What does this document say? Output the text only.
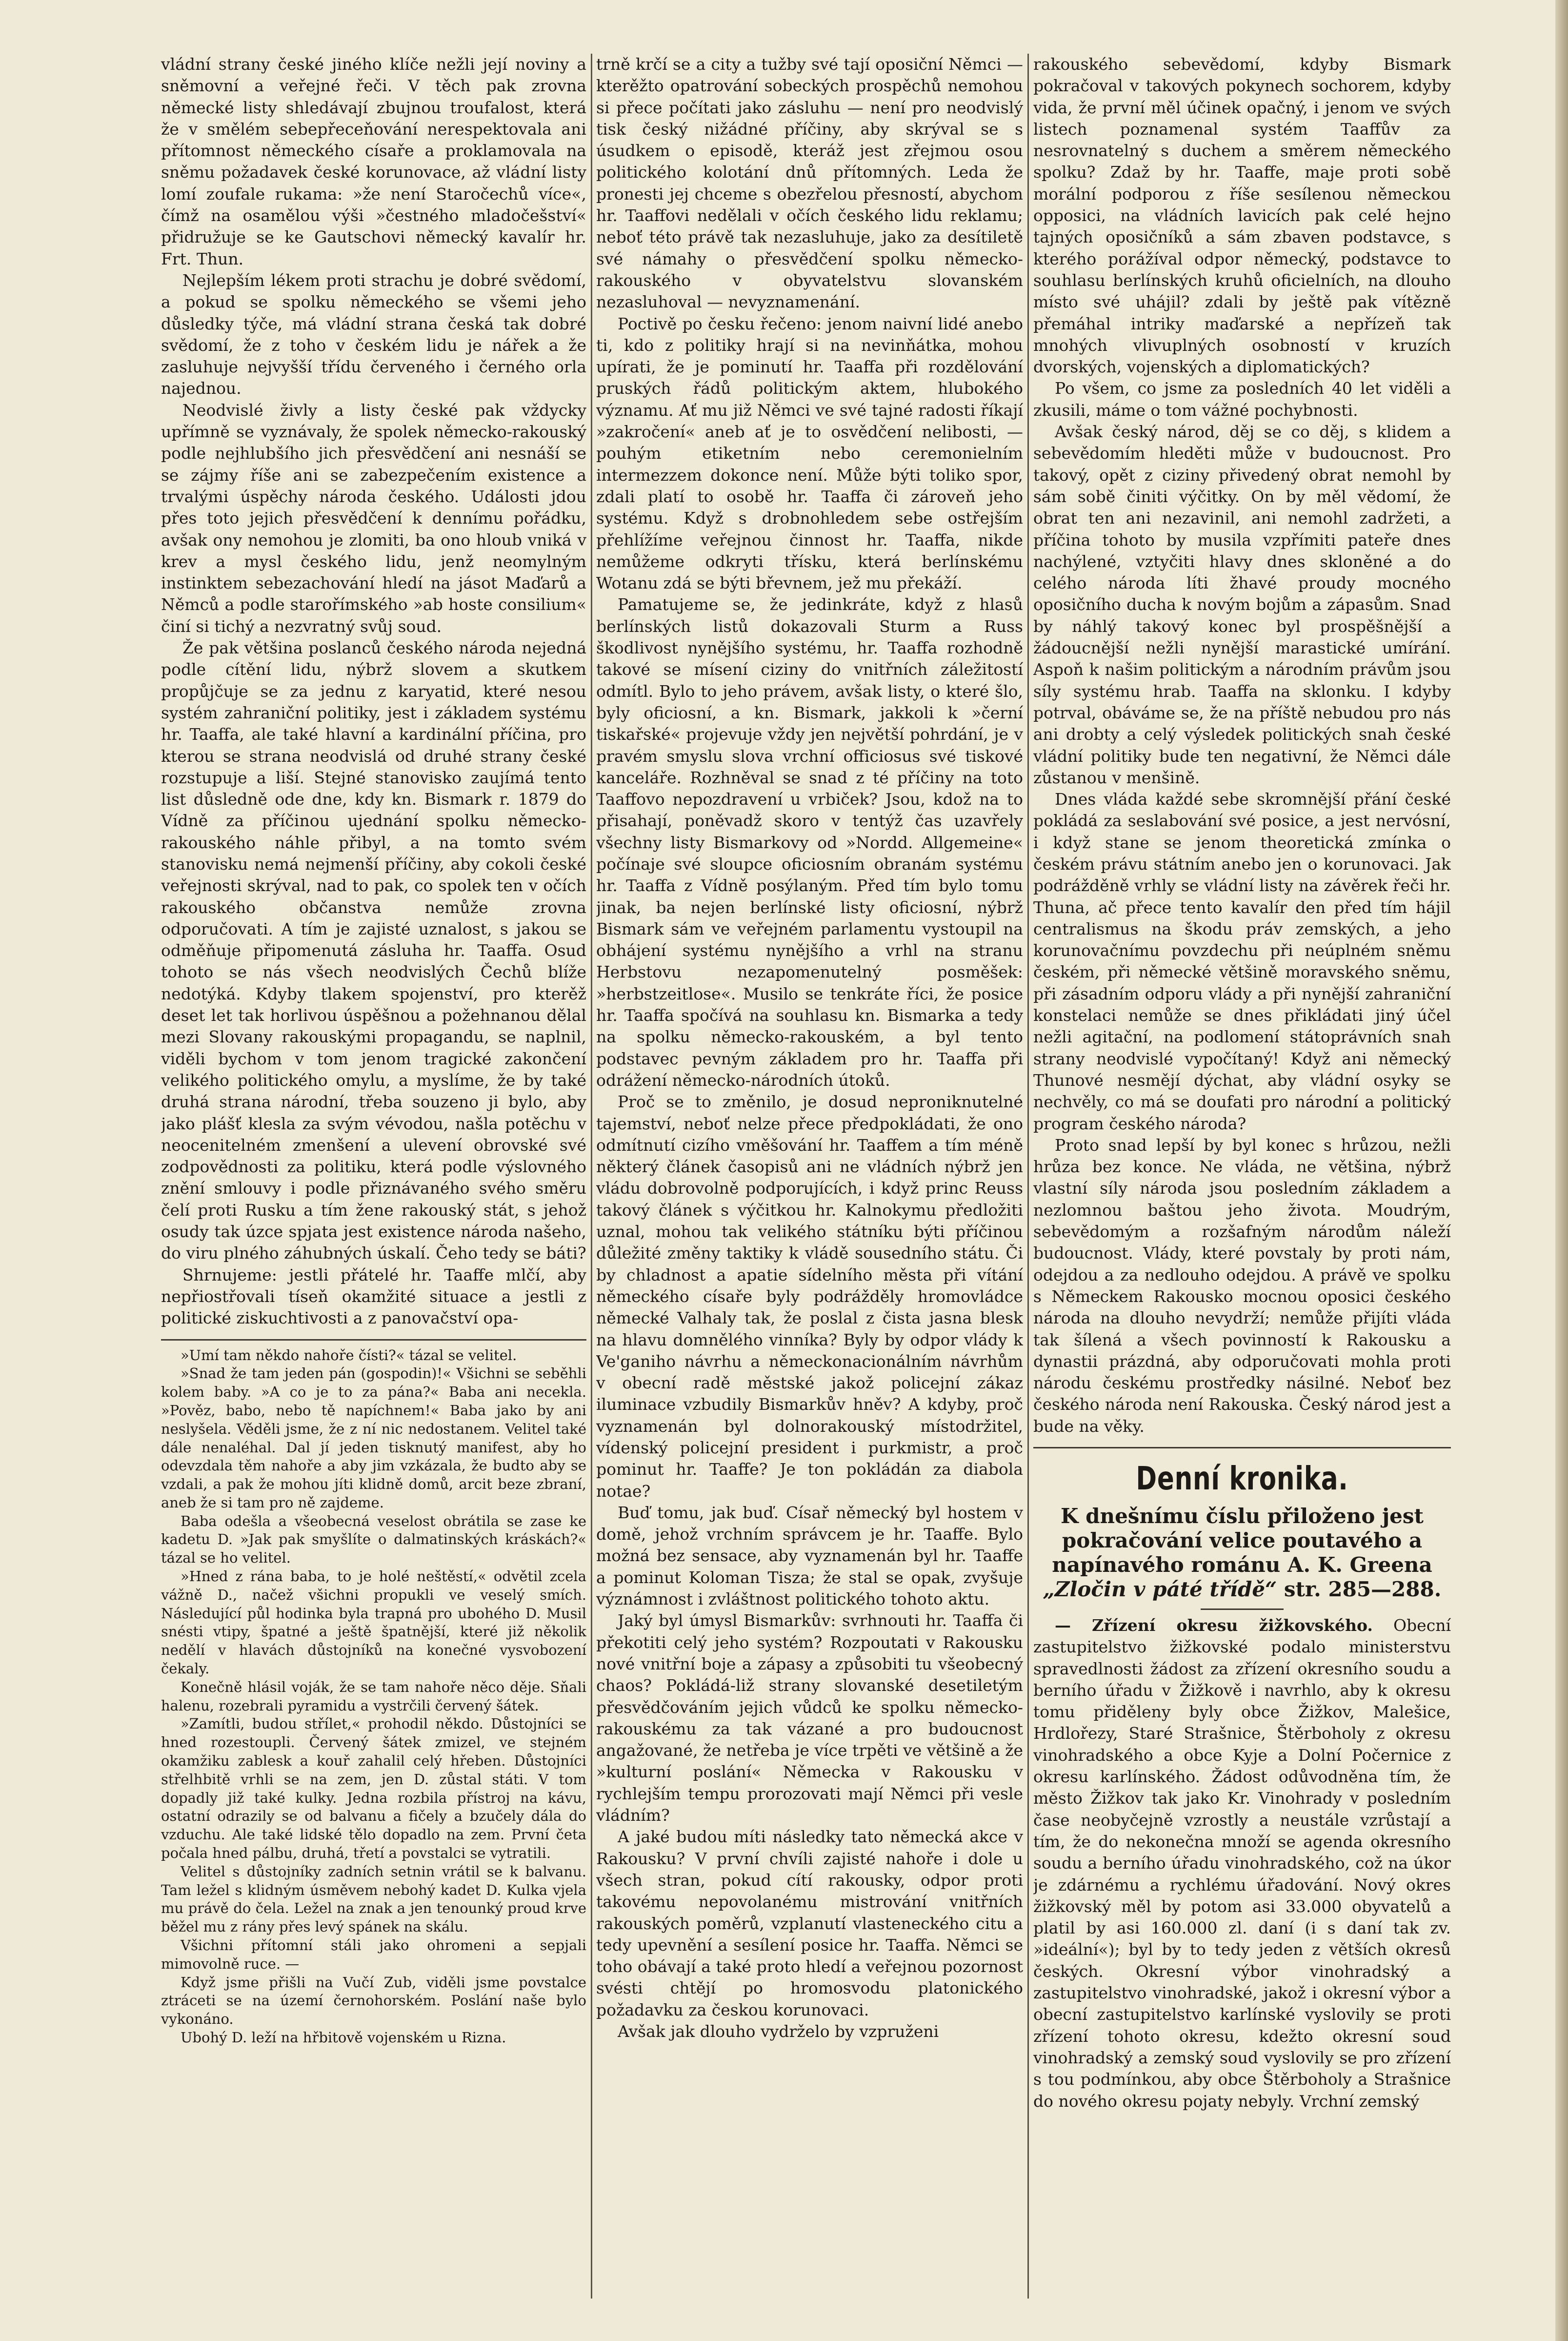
vládní strany české jiného klíče nežli její noviny a sněmovní a veřejné řeči. V těch pak zrovna německé listy shledávají zbujnou troufalost, která že v smělém sebepřeceňování nerespektovala ani přítomnost německého císaře a proklamovala na sněmu požadavek české korunovace, až vládní listy lomí zoufale rukama: »že není Staročechů více«, čímž na osamělou výši »čestného mladočešství« přidružuje se ke Gautschovi německý kavalír hr. Frt. Thun.

Nejlepším lékem proti strachu je dobré svědomí, a pokud se spolku německého se všemi jeho důsledky týče, má vládní strana česká tak dobré svědomí, že z toho v českém lidu je nářek a že zasluhuje nejvyšší třídu červeného i černého orla najednou.

Neodvislé živly a listy české pak vždycky upřímně se vyznávaly, že spolek německo-rakouský podle nejhlubšího jich přesvědčení ani nesnáší se se zájmy říše ani se zabezpečením existence a trvalými úspěchy národa českého. Události jdou přes toto jejich přesvědčení k dennímu pořádku, avšak ony nemohou je zlomiti, ba ono hloub vniká v krev a mysl českého lidu, jenž neomylným instinktem sebezachování hledí na jásot Maďarů a Němců a podle starořímského »ab hoste consilium« činí si tichý a nezvratný svůj soud.

Že pak většina poslanců českého národa nejedná podle cítění lidu, nýbrž slovem a skutkem propůjčuje se za jednu z karyatid, které nesou systém zahraniční politiky, jest i základem systému hr. Taaffa, ale také hlavní a kardinální příčina, pro kterou se strana neodvislá od druhé strany české rozstupuje a liší. Stejné stanovisko zaujímá tento list důsledně ode dne, kdy kn. Bismark r. 1879 do Vídně za příčinou ujednání spolku německo-rakouského náhle přibyl, a na tomto svém stanovisku nemá nejmenší příčiny, aby cokoli české veřejnosti skrýval, nad to pak, co spolek ten v očích rakouského občanstva nemůže zrovna odporučovati. A tím je zajisté uznalost, s jakou se odměňuje připomenutá zásluha hr. Taaffa. Osud tohoto se nás všech neodvislých Čechů blíže nedotýká. Kdyby tlakem spojenství, pro kterěž deset let tak horlivou úspěšnou a požehnanou dělal mezi Slovany rakouskými propagandu, se naplnil, viděli bychom v tom jenom tragické zakončení velikého politického omylu, a myslíme, že by také druhá strana národní, třeba souzeno ji bylo, aby jako plášť klesla za svým vévodou, našla potěchu v neocenitelném zmenšení a ulevení obrovské své zodpovědnosti za politiku, která podle výslovného znění smlouvy i podle přiznávaného svého směru čelí proti Rusku a tím žene rakouský stát, s jehož osudy tak úzce spjata jest existence národa našeho, do viru plného záhubných úskalí. Čeho tedy se báti?

Shrnujeme: jestli přátelé hr. Taaffe mlčí, aby nepřiostřovali tíseň okamžité situace a jestli z politické ziskuchtivosti a z panovačství opa-

»Umí tam někdo nahoře čísti?« tázal se velitel.

»Snad že tam jeden pán (gospodin)!« Všichni se seběhli kolem baby. »A co je to za pána?« Baba ani necekla. »Pověz, babo, nebo tě napíchnem!« Baba jako by ani neslyšela. Věděli jsme, že z ní nic nedostanem. Velitel také dále nenaléhal. Dal jí jeden tisknutý manifest, aby ho odevzdala těm nahoře a aby jim vzkázala, že budto aby se vzdali, a pak že mohou jíti klidně domů, arcit beze zbraní, aneb že si tam pro ně zajdeme.

Baba odešla a všeobecná veselost obrátila se zase ke kadetu D. »Jak pak smyšlíte o dalmatinských kráskách?« tázal se ho velitel.

»Hned z rána baba, to je holé neštěstí,« odvětil zcela vážně D., načež všichni propukli ve veselý smích. Následující půl hodinka byla trapná pro ubohého D. Musil snésti vtipy, špatné a ještě špatnější, které již několik nedělí v hlavách důstojníků na konečné vysvobození čekaly.

Konečně hlásil voják, že se tam nahoře něco děje. Sňali halenu, rozebrali pyramidu a vystrčili červený šátek.

»Zamítli, budou střílet,« prohodil někdo. Důstojníci se hned rozestoupli. Červený šátek zmizel, ve stejném okamžiku zablesk a kouř zahalil celý hřeben. Důstojníci střelhbitě vrhli se na zem, jen D. zůstal státi. V tom dopadly již také kulky. Jedna rozbila přístroj na kávu, ostatní odrazily se od balvanu a fičely a bzučely dála do vzduchu. Ale také lidské tělo dopadlo na zem. První četa počala hned pálbu, druhá, třetí a povstalci se vytratili.

Velitel s důstojníky zadních setnin vrátil se k balvanu. Tam ležel s klidným úsměvem nebohý kadet D. Kulka vjela mu právě do čela. Ležel na znak a jen tenounký proud krve běžel mu z rány přes levý spánek na skálu.

Všichni přítomní stáli jako ohromeni a sepjali mimovolně ruce. —

Když jsme přišli na Vučí Zub, viděli jsme povstalce ztráceti se na území černohorském. Poslání naše bylo vykonáno.

Ubohý D. leží na hřbitově vojenském u Rizna.

trně krčí se a city a tužby své tají oposiční Němci — kterěžto opatrování sobeckých prospěchů nemohou si přece počítati jako zásluhu — není pro neodvislý tisk český nižádné příčiny, aby skrýval se s úsudkem o episodě, kteráž jest zřejmou osou politického kolotání dnů přítomných. Leda že pronesti jej chceme s obezřelou přesností, abychom hr. Taaffovi nedělali v očích českého lidu reklamu; neboť této právě tak nezasluhuje, jako za desítiletě své námahy o přesvědčení spolku německo-rakouského v obyvatelstvu slovanském nezasluhoval — nevyznamenání.

Poctivě po česku řečeno: jenom naivní lidé anebo ti, kdo z politiky hrají si na nevinňátka, mohou upírati, že je pominutí hr. Taaffa při rozdělování pruských řádů politickým aktem, hlubokého významu. Ať mu již Němci ve své tajné radosti říkají »zakročení« aneb ať je to osvědčení nelibosti, — pouhým etiketním nebo ceremonielním intermezzem dokonce není. Může býti toliko spor, zdali platí to osobě hr. Taaffa či zároveň jeho systému. Když s drobnohledem sebe ostřejším přehlížíme veřejnou činnost hr. Taaffa, nikde nemůžeme odkryti třísku, která berlínskému Wotanu zdá se býti břevnem, jež mu překáží.

Pamatujeme se, že jedinkráte, když z hlasů berlínských listů dokazovali Sturm a Russ škodlivost nynějšího systému, hr. Taaffa rozhodně takové se mísení ciziny do vnitřních záležitostí odmítl. Bylo to jeho právem, avšak listy, o které šlo, byly oficiosní, a kn. Bismark, jakkoli k »černí tiskařské« projevuje vždy jen největší pohrdání, je v pravém smyslu slova vrchní officiosus své tiskové kanceláře. Rozhněval se snad z té příčiny na toto Taaffovo nepozdravení u vrbiček? Jsou, kdož na to přisahají, poněvadž skoro v tentýž čas uzavřely všechny listy Bismarkovy od »Nordd. Allgemeine« počínaje své sloupce oficiosním obranám systému hr. Taaffa z Vídně posýlaným. Před tím bylo tomu jinak, ba nejen berlínské listy oficiosní, nýbrž Bismark sám ve veřejném parlamentu vystoupil na obhájení systému nynějšího a vrhl na stranu Herbstovu nezapomenutelný posměšek: »herbstzeitlose«. Musilo se tenkráte říci, že posice hr. Taaffa spočívá na souhlasu kn. Bismarka a tedy na spolku německo-rakouském, a byl tento podstavec pevným základem pro hr. Taaffa při odrážení německo-národních útoků.

Proč se to změnilo, je dosud neproniknutelné tajemství, neboť nelze přece předpokládati, že ono odmítnutí cizího vměšování hr. Taaffem a tím méně některý článek časopisů ani ne vládních nýbrž jen vládu dobrovolně podporujících, i když princ Reuss takový článek s výčitkou hr. Kalnokymu předložiti uznal, mohou tak velikého státníku býti příčinou důležité změny taktiky k vládě sousedního státu. Či by chladnost a apatie sídelního města při vítání německého císaře byly podrážděly hromovládce německé Valhaly tak, že poslal z čista jasna blesk na hlavu domnělého vinníka? Byly by odpor vlády k Ve'ganiho návrhu a německonacionálním návrhům v obecní radě městské jakož policejní zákaz iluminace vzbudily Bismarkův hněv? A kdyby, proč vyznamenán byl dolnorakouský místodržitel, vídenský policejní president i purkmistr, a proč pominut hr. Taaffe? Je ton pokládán za diabola notae?

Buď tomu, jak buď. Císař německý byl hostem v domě, jehož vrchním správcem je hr. Taaffe. Bylo možná bez sensace, aby vyznamenán byl hr. Taaffe a pominut Koloman Tisza; že stal se opak, zvyšuje význámnost i zvláštnost politického tohoto aktu.

Jaký byl úmysl Bismarkův: svrhnouti hr. Taaffa či překotiti celý jeho systém? Rozpoutati v Rakousku nové vnitřní boje a zápasy a způsobiti tu všeobecný chaos? Pokládá-liž strany slovanské desetiletým přesvědčováním jejich vůdců ke spolku německo-rakouskému za tak vázané a pro budoucnost angažované, že netřeba je více trpěti ve většině a že »kulturní poslání« Německa v Rakousku v rychlejším tempu prorozovati mají Němci při vesle vládním?

A jaké budou míti následky tato německá akce v Rakousku? V první chvíli zajisté nahoře i dole u všech stran, pokud cítí rakousky, odpor proti takovému nepovolanému mistrování vnitřních rakouských poměrů, vzplanutí vlasteneckého citu a tedy upevnění a sesílení posice hr. Taaffa. Němci se toho obávají a také proto hledí a veřejnou pozornost svésti chtějí po hromosvodu platonického požadavku za českou korunovaci.

Avšak jak dlouho vydrželo by vzpruženi

rakouského sebevědomí, kdyby Bismark pokračoval v takových pokynech sochorem, kdyby vida, že první měl účinek opačný, i jenom ve svých listech poznamenal systém Taaffův za nesrovnatelný s duchem a směrem německého spolku? Zdaž by hr. Taaffe, maje proti sobě morální podporou z říše sesílenou německou opposici, na vládních lavicích pak celé hejno tajných oposičníků a sám zbaven podstavce, s kterého porážíval odpor německý, podstavce to souhlasu berlínských kruhů oficielních, na dlouho místo své uhájil? zdali by ještě pak vítězně přemáhal intriky maďarské a nepřízeň tak mnohých vlivuplných osobností v kruzích dvorských, vojenských a diplomatických?

Po všem, co jsme za posledních 40 let viděli a zkusili, máme o tom vážné pochybnosti.

Avšak český národ, děj se co děj, s klidem a sebevědomím hleděti může v budoucnost. Pro takový, opět z ciziny přivedený obrat nemohl by sám sobě činiti výčitky. On by měl vědomí, že obrat ten ani nezavinil, ani nemohl zadržeti, a příčina tohoto by musila vzpřímiti pateře dnes nachýlené, vztyčiti hlavy dnes skloněné a do celého národa líti žhavé proudy mocného oposičního ducha k novým bojům a zápasům. Snad by náhlý takový konec byl prospěšnější a žádoucnější nežli nynější marastické umírání. Aspoň k našim politickým a národním právům jsou síly systému hrab. Taaffa na sklonku. I kdyby potrval, obáváme se, že na příště nebudou pro nás ani drobty a celý výsledek politických snah české vládní politiky bude ten negativní, že Němci dále zůstanou v menšině.

Dnes vláda každé sebe skromnější přání české pokládá za seslabování své posice, a jest nervósní, i když stane se jenom theoretická zmínka o českém právu státním anebo jen o korunovaci. Jak podrážděně vrhly se vládní listy na závěrek řeči hr. Thuna, ač přece tento kavalír den před tím hájil centralismus na škodu práv zemských, a jeho korunovačnímu povzdechu při neúplném sněmu českém, při německé většině moravského sněmu, při zásadním odporu vlády a při nynější zahraniční konstelaci nemůže se dnes přikládati jiný účel nežli agitační, na podlomení státoprávních snah strany neodvislé vypočítaný! Když ani německý Thunové nesmějí dýchat, aby vládní osyky se nechvěly, co má se doufati pro národní a politický program českého národa?

Proto snad lepší by byl konec s hrůzou, nežli hrůza bez konce. Ne vláda, ne většina, nýbrž vlastní síly národa jsou posledním základem a nezlomnou baštou jeho života. Moudrým, sebevědomým a rozšafným národům náleží budoucnost. Vlády, které povstaly by proti nám, odejdou a za nedlouho odejdou. A právě ve spolku s Německem Rakousko mocnou oposici českého národa na dlouho nevydrží; nemůže přijíti vláda tak šílená a všech povinností k Rakousku a dynastii prázdná, aby odporučovati mohla proti národu českému prostředky násilné. Neboť bez českého národa není Rakouska. Český národ jest a bude na věky.

Denní kronika.
K dnešnímu číslu přiloženo jest pokračování velice poutavého a napínavého románu A. K. Greena „Zločin v páté třídě“ str. 285—288.

— Zřízení okresu žižkovského. Obecní zastupitelstvo žižkovské podalo ministerstvu spravedlnosti žádost za zřízení okresního soudu a berního úřadu v Žižkově i navrhlo, aby k okresu tomu přiděleny byly obce Žižkov, Malešice, Hrdlořezy, Staré Strašnice, Štěrboholy z okresu vinohradského a obce Kyje a Dolní Počernice z okresu karlínského. Žádost odůvodněna tím, že město Žižkov tak jako Kr. Vinohrady v posledním čase neobyčejně vzrostly a neustále vzrůstají a tím, že do nekonečna množí se agenda okresního soudu a berního úřadu vinohradského, což na úkor je zdárnému a rychlému úřadování. Nový okres žižkovský měl by potom asi 33.000 obyvatelů a platil by asi 160.000 zl. daní (i s daní tak zv. »ideální«); byl by to tedy jeden z větších okresů českých. Okresní výbor vinohradský a zastupitelstvo vinohradské, jakož i okresní výbor a obecní zastupitelstvo karlínské vyslovily se proti zřízení tohoto okresu, kdežto okresní soud vinohradský a zemský soud vyslovily se pro zřízení s tou podmínkou, aby obce Štěrboholy a Strašnice do nového okresu pojaty nebyly. Vrchní zemský
